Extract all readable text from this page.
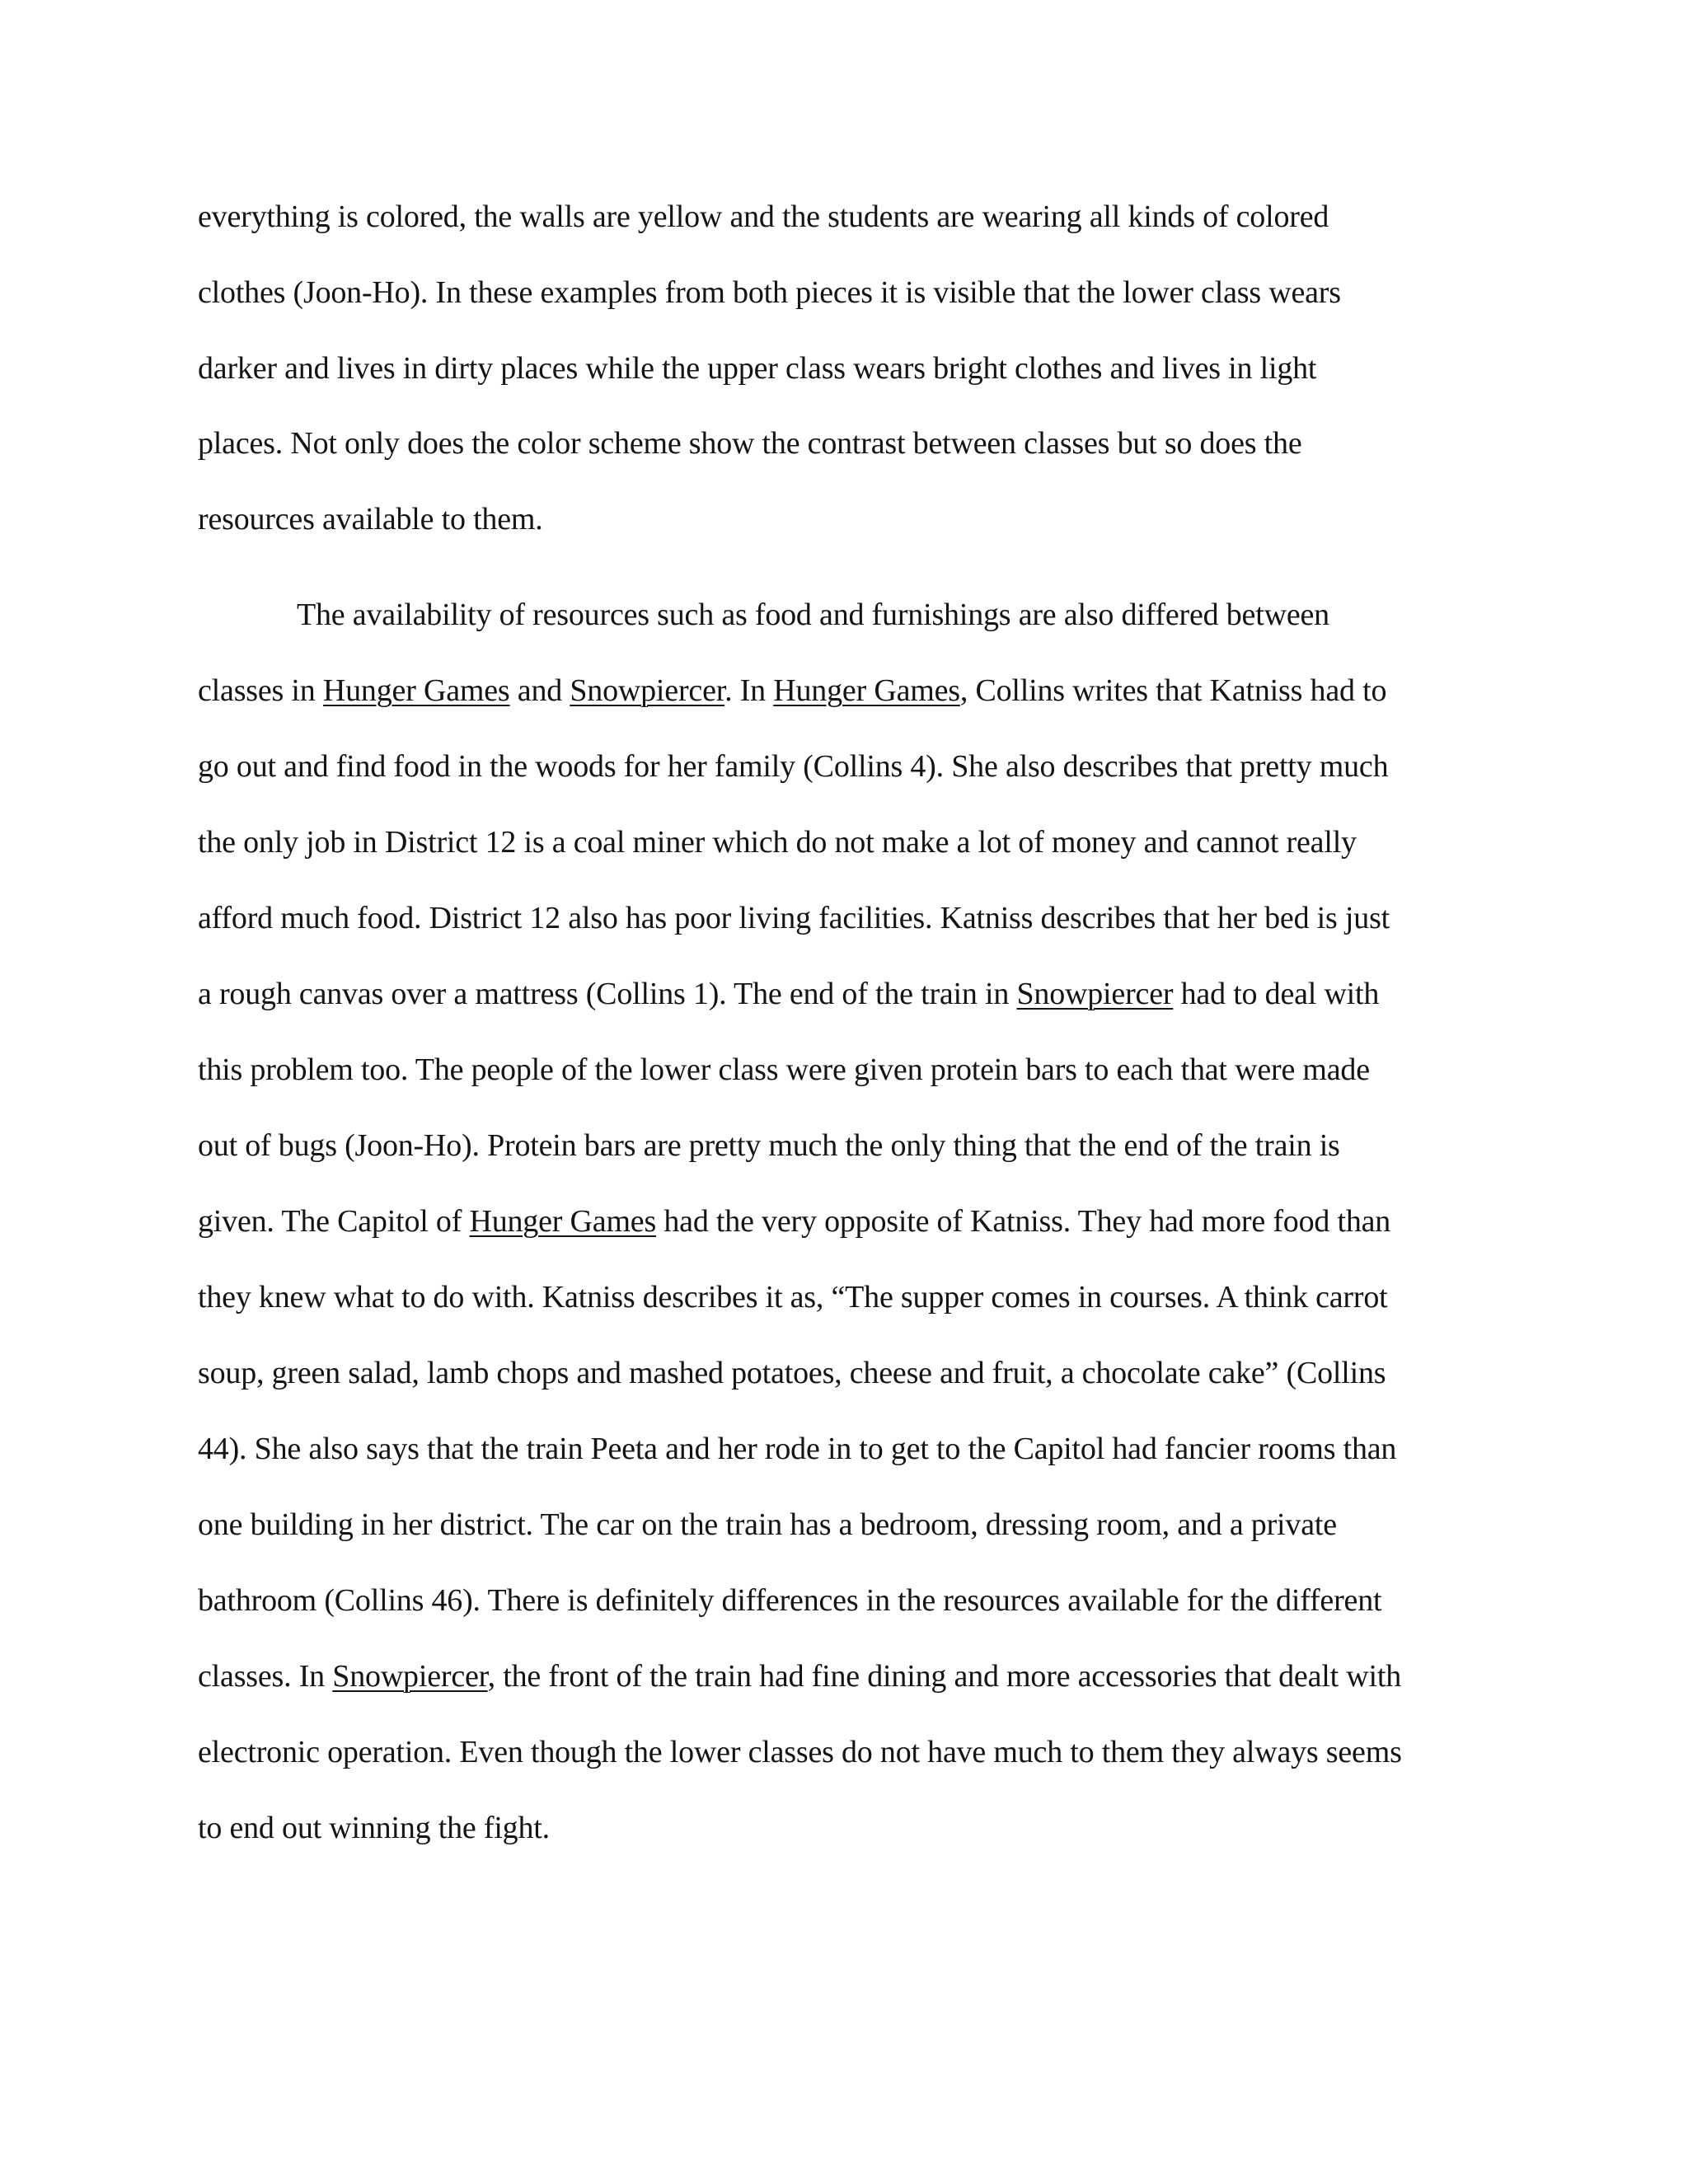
everything is colored, the walls are yellow and the students are wearing all kinds of colored
clothes (Joon-Ho). In these examples from both pieces it is visible that the lower class wears
darker and lives in dirty places while the upper class wears bright clothes and lives in light
places. Not only does the color scheme show the contrast between classes but so does the
resources available to them.
The availability of resources such as food and furnishings are also differed between
classes in Hunger Games and Snowpiercer. In Hunger Games, Collins writes that Katniss had to
go out and find food in the woods for her family (Collins 4). She also describes that pretty much
the only job in District 12 is a coal miner which do not make a lot of money and cannot really
afford much food. District 12 also has poor living facilities. Katniss describes that her bed is just
a rough canvas over a mattress (Collins 1). The end of the train in Snowpiercer had to deal with
this problem too. The people of the lower class were given protein bars to each that were made
out of bugs (Joon-Ho). Protein bars are pretty much the only thing that the end of the train is
given. The Capitol of Hunger Games had the very opposite of Katniss. They had more food than
they knew what to do with. Katniss describes it as, “The supper comes in courses. A think carrot
soup, green salad, lamb chops and mashed potatoes, cheese and fruit, a chocolate cake” (Collins
44). She also says that the train Peeta and her rode in to get to the Capitol had fancier rooms than
one building in her district. The car on the train has a bedroom, dressing room, and a private
bathroom (Collins 46). There is definitely differences in the resources available for the different
classes. In Snowpiercer, the front of the train had fine dining and more accessories that dealt with
electronic operation. Even though the lower classes do not have much to them they always seems
to end out winning the fight.
